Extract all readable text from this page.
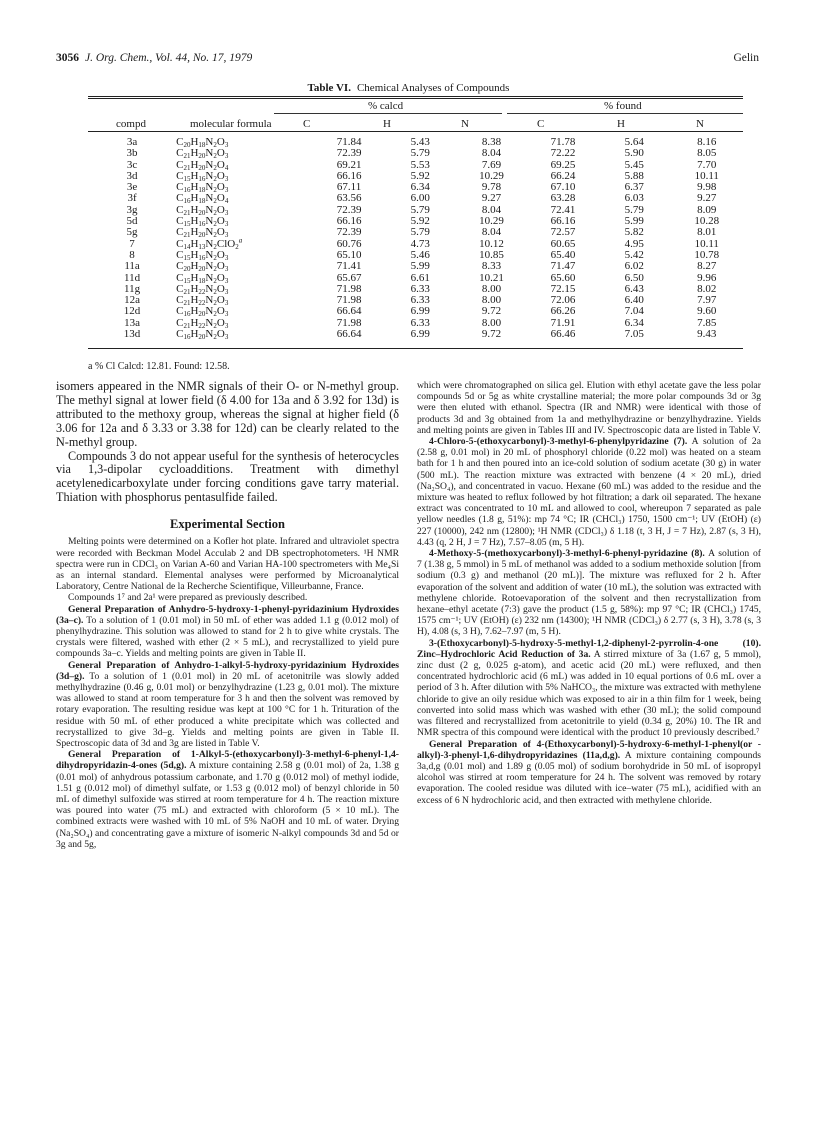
3056 J. Org. Chem., Vol. 44, No. 17, 1979	Gelin
Table VI. Chemical Analyses of Compounds
% calcd	% found
compd	molecular formula	C	H	N	C	H	N
3a	$C_{20}H_{18}N_2O_3$	71.84	5.43	8.38	71.78	5.64	8.16
3b	$C_{21}H_{20}N_2O_3$	72.39	5.79	8.04	72.22	5.90	8.05
3c	$C_{21}H_{20}N_2O_4$	69.21	5.53	7.69	69.25	5.45	7.70
3d	$C_{15}H_{16}N_2O_3$	66.16	5.92	10.29	66.24	5.88	10.11
3e	$C_{16}H_{18}N_2O_3$	67.11	6.34	9.78	67.10	6.37	9.98
3f	$C_{16}H_{18}N_2O_4$	63.56	6.00	9.27	63.28	6.03	9.27
3g	$C_{21}H_{20}N_2O_3$	72.39	5.79	8.04	72.41	5.79	8.09
5d	$C_{15}H_{16}N_2O_3$	66.16	5.92	10.29	66.16	5.99	10.28
5g	$C_{21}H_{20}N_2O_3$	72.39	5.79	8.04	72.57	5.82	8.01
7	$C_{14}H_{13}N_2ClO_2^a$	60.76	4.73	10.12	60.65	4.95	10.11
8	$C_{15}H_{16}N_2O_3$	65.10	5.46	10.85	65.40	5.42	10.78
11a	$C_{20}H_{20}N_2O_3$	71.41	5.99	8.33	71.47	6.02	8.27
11d	$C_{15}H_{18}N_2O_3$	65.67	6.61	10.21	65.60	6.50	9.96
11g	$C_{21}H_{22}N_2O_3$	71.98	6.33	8.00	72.15	6.43	8.02
12a	$C_{21}H_{22}N_2O_3$	71.98	6.33	8.00	72.06	6.40	7.97
12d	$C_{16}H_{20}N_2O_3$	66.64	6.99	9.72	66.26	7.04	9.60
13a	$C_{21}H_{22}N_2O_3$	71.98	6.33	8.00	71.91	6.34	7.85
13d	$C_{16}H_{20}N_2O_3$	66.64	6.99	9.72	66.46	7.05	9.43
a % Cl Calcd: 12.81. Found: 12.58.

isomers appeared in the NMR signals of their O- or N-methyl group. The methyl signal at lower field (δ 4.00 for 13a and δ 3.92 for 13d) is attributed to the methoxy group, whereas the signal at higher field (δ 3.06 for 12a and δ 3.33 or 3.38 for 12d) can be clearly related to the N-methyl group.

Compounds 3 do not appear useful for the synthesis of heterocycles via 1,3-dipolar cycloadditions. Treatment with dimethyl acetylenedicarboxylate under forcing conditions gave tarry material. Thiation with phosphorus pentasulfide failed.

Experimental Section

Melting points were determined on a Kofler hot plate. Infrared and ultraviolet spectra were recorded with Beckman Model Acculab 2 and DB spectrophotometers. ¹H NMR spectra were run in CDCl₃ on Varian A-60 and Varian HA-100 spectrometers with Me₄Si as an internal standard. Elemental analyses were performed by Microanalytical Laboratory, Centre National de la Recherche Scientifique, Villeurbanne, France.

Compounds 1⁷ and 2a¹ were prepared as previously described.

General Preparation of Anhydro-5-hydroxy-1-phenyl-pyridazinium Hydroxides (3a–c). To a solution of 1 (0.01 mol) in 50 mL of ether was added 1.1 g (0.012 mol) of phenylhydrazine. This solution was allowed to stand for 2 h to give white crystals. The crystals were filtered, washed with ether (2 × 5 mL), and recrystallized to yield pure compounds 3a–c. Yields and melting points are given in Table II.

General Preparation of Anhydro-1-alkyl-5-hydroxy-pyridazinium Hydroxides (3d–g). To a solution of 1 (0.01 mol) in 20 mL of acetonitrile was slowly added methylhydrazine (0.46 g, 0.01 mol) or benzylhydrazine (1.23 g, 0.01 mol). The mixture was allowed to stand at room temperature for 3 h and then the solvent was removed by rotary evaporation. The resulting residue was kept at 100 °C for 1 h. Trituration of the residue with 50 mL of ether produced a white precipitate which was collected and recrystallized to give 3d–g. Yields and melting points are given in Table II. Spectroscopic data of 3d and 3g are listed in Table V.

General Preparation of 1-Alkyl-5-(ethoxycarbonyl)-3-methyl-6-phenyl-1,4-dihydropyridazin-4-ones (5d,g). A mixture containing 2.58 g (0.01 mol) of 2a, 1.38 g (0.01 mol) of anhydrous potassium carbonate, and 1.70 g (0.012 mol) of methyl iodide, 1.51 g (0.012 mol) of dimethyl sulfate, or 1.53 g (0.012 mol) of benzyl chloride in 50 mL of dimethyl sulfoxide was stirred at room temperature for 4 h. The reaction mixture was poured into water (75 mL) and extracted with chloroform (5 × 10 mL). The combined extracts were washed with 10 mL of 5% NaOH and 10 mL of water. Drying (Na₂SO₄) and concentrating gave a mixture of isomeric N-alkyl compounds 3d and 5d or 3g and 5g,

which were chromatographed on silica gel. Elution with ethyl acetate gave the less polar compounds 5d or 5g as white crystalline material; the more polar compounds 3d or 3g were then eluted with ethanol. Spectra (IR and NMR) were identical with those of products 3d and 3g obtained from 1a and methylhydrazine or benzylhydrazine. Yields and melting points are given in Tables III and IV. Spectroscopic data are listed in Table V.

4-Chloro-5-(ethoxycarbonyl)-3-methyl-6-phenylpyridazine (7). A solution of 2a (2.58 g, 0.01 mol) in 20 mL of phosphoryl chloride (0.22 mol) was heated on a steam bath for 1 h and then poured into an ice-cold solution of sodium acetate (30 g) in water (500 mL). The reaction mixture was extracted with benzene (4 × 20 mL), dried (Na₂SO₄), and concentrated in vacuo. Hexane (60 mL) was added to the residue and the mixture was heated to reflux followed by hot filtration; a dark oil separated. The hexane extract was concentrated to 10 mL and allowed to cool, whereupon 7 separated as pale yellow needles (1.8 g, 51%): mp 74 °C; IR (CHCl₃) 1750, 1500 cm⁻¹; UV (EtOH) (ε) 227 (10000), 242 nm (12800); ¹H NMR (CDCl₃) δ 1.18 (t, 3 H, J = 7 Hz), 2.87 (s, 3 H), 4.43 (q, 2 H, J = 7 Hz), 7.57–8.05 (m, 5 H).

4-Methoxy-5-(methoxycarbonyl)-3-methyl-6-phenyl-pyridazine (8). A solution of 7 (1.38 g, 5 mmol) in 5 mL of methanol was added to a sodium methoxide solution [from sodium (0.3 g) and methanol (20 mL)]. The mixture was refluxed for 2 h. After evaporation of the solvent and addition of water (10 mL), the solution was extracted with methylene chloride. Rotoevaporation of the solvent and then recrystallization from hexane–ethyl acetate (7:3) gave the product (1.5 g, 58%): mp 97 °C; IR (CHCl₃) 1745, 1575 cm⁻¹; UV (EtOH) (ε) 232 nm (14300); ¹H NMR (CDCl₃) δ 2.77 (s, 3 H), 3.78 (s, 3 H), 4.08 (s, 3 H), 7.62–7.97 (m, 5 H).

3-(Ethoxycarbonyl)-5-hydroxy-5-methyl-1,2-diphenyl-2-pyrrolin-4-one (10). Zinc–Hydrochloric Acid Reduction of 3a. A stirred mixture of 3a (1.67 g, 5 mmol), zinc dust (2 g, 0.025 g-atom), and acetic acid (20 mL) were refluxed, and then concentrated hydrochloric acid (6 mL) was added in 10 equal portions of 0.6 mL over a period of 3 h. After dilution with 5% NaHCO₃, the mixture was extracted with methylene chloride to give an oily residue which was exposed to air in a thin film for 1 week, being converted into solid mass which was washed with ether (30 mL); the solid compound was filtered and recrystallized from acetonitrile to yield (0.34 g, 20%) 10. The IR and NMR spectra of this compound were identical with the product 10 previously described.⁷

General Preparation of 4-(Ethoxycarbonyl)-5-hydroxy-6-methyl-1-phenyl(or -alkyl)-3-phenyl-1,6-dihydropyridazines (11a,d,g). A mixture containing compounds 3a,d,g (0.01 mol) and 1.89 g (0.05 mol) of sodium borohydride in 50 mL of isopropyl alcohol was stirred at room temperature for 24 h. The solvent was removed by rotary evaporation. The cooled residue was diluted with ice–water (75 mL), acidified with an excess of 6 N hydrochloric acid, and then extracted with methylene chloride.
